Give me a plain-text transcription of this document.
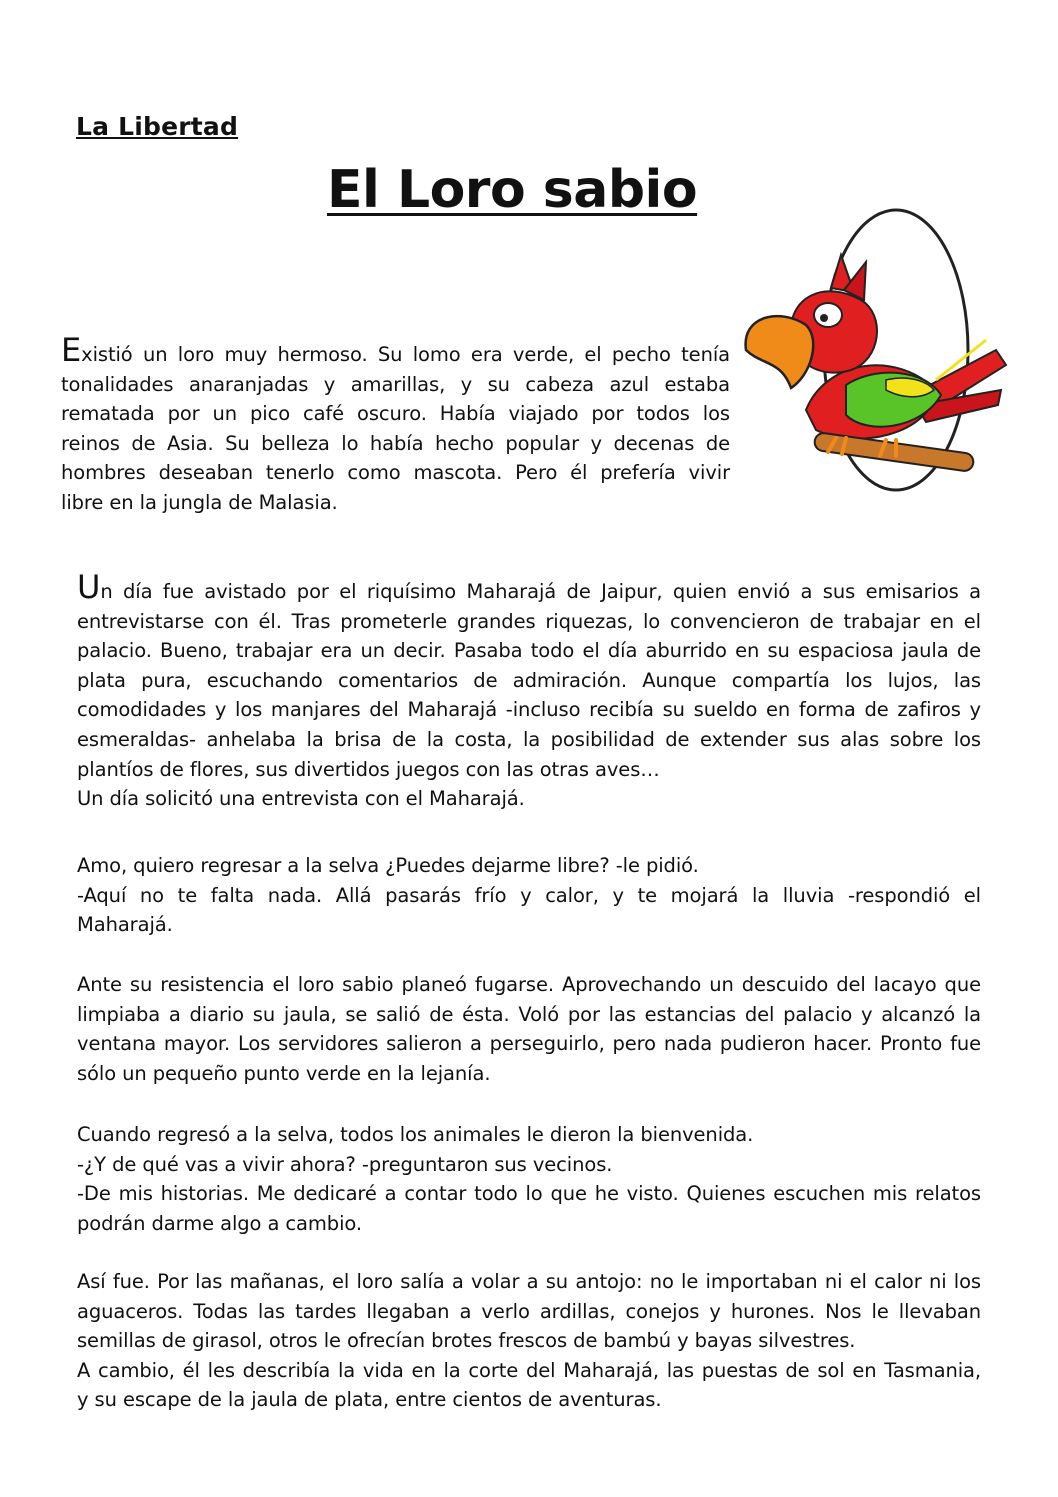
La Libertad
El Loro sabio
Existió un loro muy hermoso. Su lomo era verde, el pecho tenía
tonalidades anaranjadas y amarillas, y su cabeza azul estaba
rematada por un pico café oscuro. Había viajado por todos los
reinos de Asia. Su belleza lo había hecho popular y decenas de
hombres deseaban tenerlo como mascota. Pero él prefería vivir
libre en la jungla de Malasia.
Un día fue avistado por el riquísimo Maharajá de Jaipur, quien envió a sus emisarios a
entrevistarse con él. Tras prometerle grandes riquezas, lo convencieron de trabajar en el
palacio. Bueno, trabajar era un decir. Pasaba todo el día aburrido en su espaciosa jaula de
plata pura, escuchando comentarios de admiración. Aunque compartía los lujos, las
comodidades y los manjares del Maharajá -incluso recibía su sueldo en forma de zafiros y
esmeraldas- anhelaba la brisa de la costa, la posibilidad de extender sus alas sobre los
plantíos de flores, sus divertidos juegos con las otras aves…
Un día solicitó una entrevista con el Maharajá.
Amo, quiero regresar a la selva ¿Puedes dejarme libre? -le pidió.
-Aquí no te falta nada. Allá pasarás frío y calor, y te mojará la lluvia -respondió el
Maharajá.
Ante su resistencia el loro sabio planeó fugarse. Aprovechando un descuido del lacayo que
limpiaba a diario su jaula, se salió de ésta. Voló por las estancias del palacio y alcanzó la
ventana mayor. Los servidores salieron a perseguirlo, pero nada pudieron hacer. Pronto fue
sólo un pequeño punto verde en la lejanía.
Cuando regresó a la selva, todos los animales le dieron la bienvenida.
-¿Y de qué vas a vivir ahora? -preguntaron sus vecinos.
-De mis historias. Me dedicaré a contar todo lo que he visto. Quienes escuchen mis relatos
podrán darme algo a cambio.
Así fue. Por las mañanas, el loro salía a volar a su antojo: no le importaban ni el calor ni los
aguaceros. Todas las tardes llegaban a verlo ardillas, conejos y hurones. Nos le llevaban
semillas de girasol, otros le ofrecían brotes frescos de bambú y bayas silvestres.
A cambio, él les describía la vida en la corte del Maharajá, las puestas de sol en Tasmania,
y su escape de la jaula de plata, entre cientos de aventuras.
